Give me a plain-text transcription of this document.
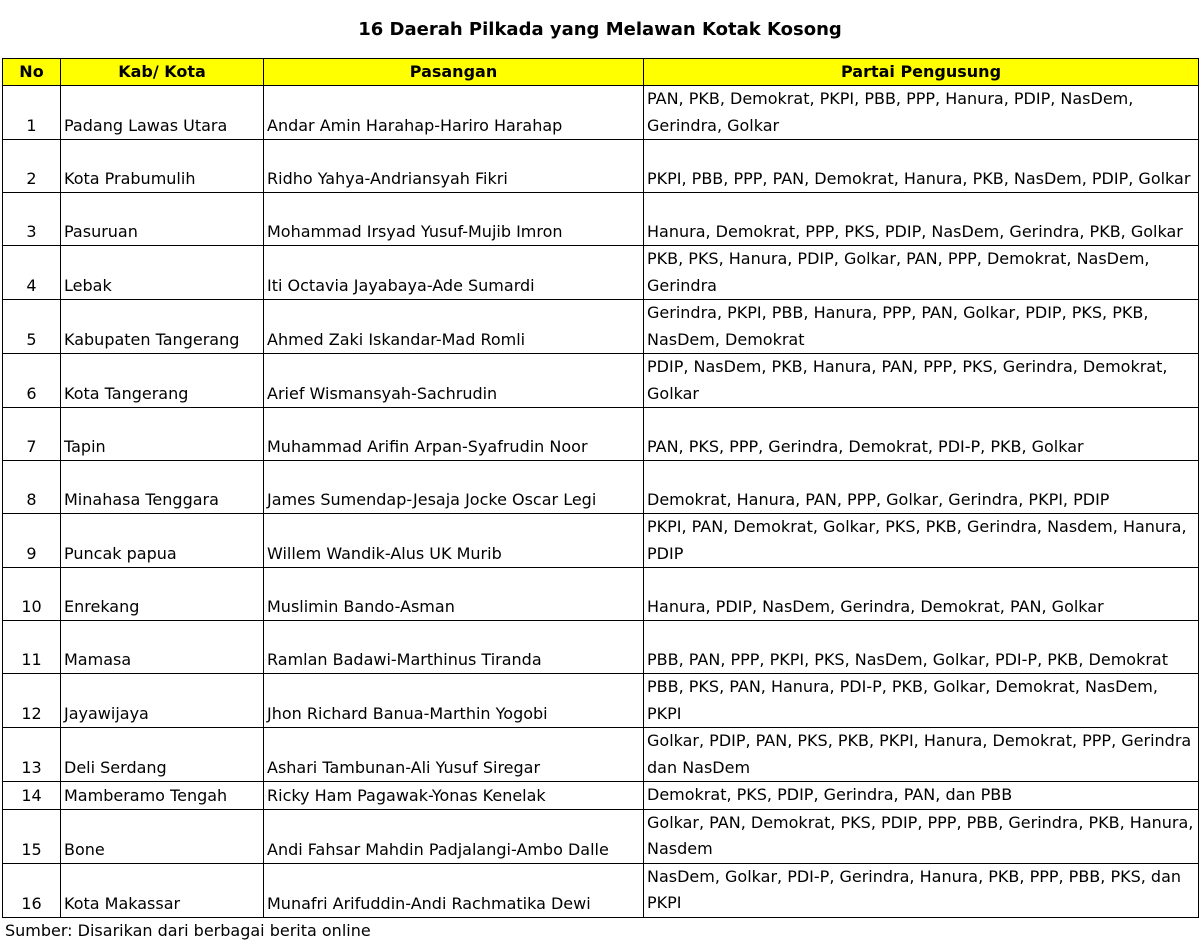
16 Daerah Pilkada yang Melawan Kotak Kosong
No	Kab/ Kota	Pasangan	Partai Pengusung
1	Padang Lawas Utara	Andar Amin Harahap-Hariro Harahap	PAN, PKB, Demokrat, PKPI, PBB, PPP, Hanura, PDIP, NasDem, Gerindra, Golkar
2	Kota Prabumulih	Ridho Yahya-Andriansyah Fikri	PKPI, PBB, PPP, PAN, Demokrat, Hanura, PKB, NasDem, PDIP, Golkar
3	Pasuruan	Mohammad Irsyad Yusuf-Mujib Imron	Hanura, Demokrat, PPP, PKS, PDIP, NasDem, Gerindra, PKB, Golkar
4	Lebak	Iti Octavia Jayabaya-Ade Sumardi	PKB, PKS, Hanura, PDIP, Golkar, PAN, PPP, Demokrat, NasDem, Gerindra
5	Kabupaten Tangerang	Ahmed Zaki Iskandar-Mad Romli	Gerindra, PKPI, PBB, Hanura, PPP, PAN, Golkar, PDIP, PKS, PKB, NasDem, Demokrat
6	Kota Tangerang	Arief Wismansyah-Sachrudin	PDIP, NasDem, PKB, Hanura, PAN, PPP, PKS, Gerindra, Demokrat, Golkar
7	Tapin	Muhammad Arifin Arpan-Syafrudin Noor	PAN, PKS, PPP, Gerindra, Demokrat, PDI-P, PKB, Golkar
8	Minahasa Tenggara	James Sumendap-Jesaja Jocke Oscar Legi	Demokrat, Hanura, PAN, PPP, Golkar, Gerindra, PKPI, PDIP
9	Puncak papua	Willem Wandik-Alus UK Murib	PKPI, PAN, Demokrat, Golkar, PKS, PKB, Gerindra, Nasdem, Hanura, PDIP
10	Enrekang	Muslimin Bando-Asman	Hanura, PDIP, NasDem, Gerindra, Demokrat, PAN, Golkar
11	Mamasa	Ramlan Badawi-Marthinus Tiranda	PBB, PAN, PPP, PKPI, PKS, NasDem, Golkar, PDI-P, PKB, Demokrat
12	Jayawijaya	Jhon Richard Banua-Marthin Yogobi	PBB, PKS, PAN, Hanura, PDI-P, PKB, Golkar, Demokrat, NasDem, PKPI
13	Deli Serdang	Ashari Tambunan-Ali Yusuf Siregar	Golkar, PDIP, PAN, PKS, PKB, PKPI, Hanura, Demokrat, PPP, Gerindra dan NasDem
14	Mamberamo Tengah	Ricky Ham Pagawak-Yonas Kenelak	Demokrat, PKS, PDIP, Gerindra, PAN, dan PBB
15	Bone	Andi Fahsar Mahdin Padjalangi-Ambo Dalle	Golkar, PAN, Demokrat, PKS, PDIP, PPP, PBB, Gerindra, PKB, Hanura, Nasdem
16	Kota Makassar	Munafri Arifuddin-Andi Rachmatika Dewi	NasDem, Golkar, PDI-P, Gerindra, Hanura, PKB, PPP, PBB, PKS, dan PKPI
Sumber: Disarikan dari berbagai berita online
